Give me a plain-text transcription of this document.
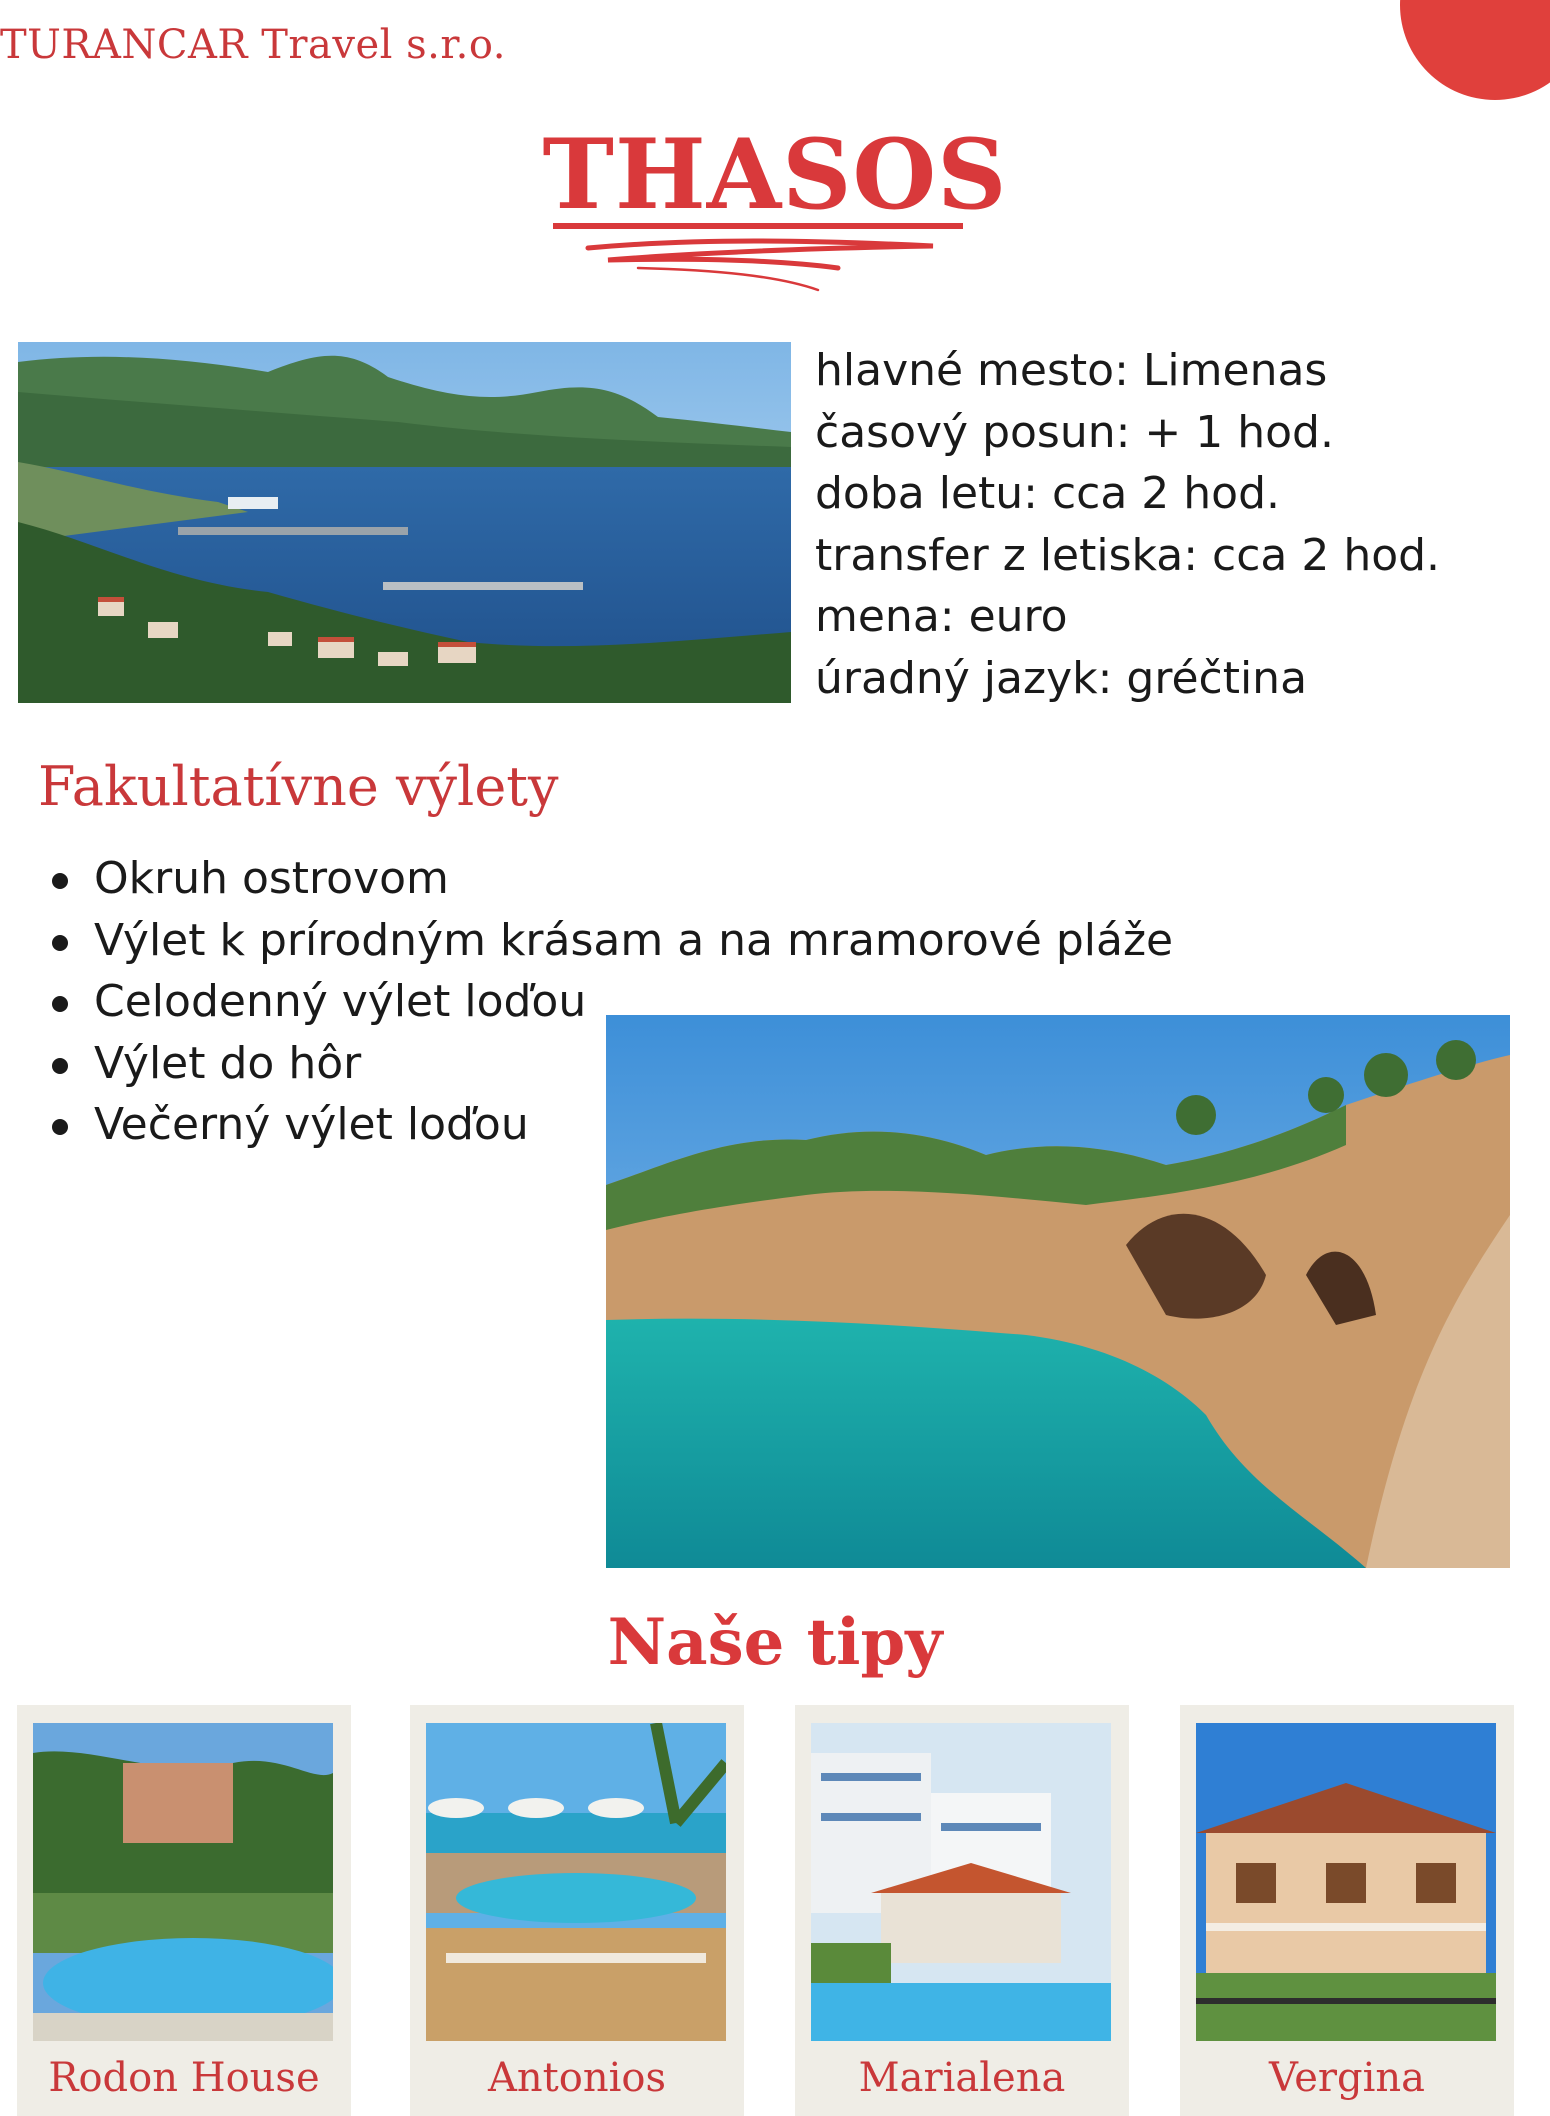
TURANCAR Travel s.r.o.
THASOS
hlavné mesto: Limenas
časový posun: + 1 hod.
doba letu: cca 2 hod.
transfer z letiska: cca 2 hod.
mena: euro
úradný jazyk: gréčtina
Fakultatívne výlety
Okruh ostrovom
Výlet k prírodným krásam a na mramorové pláže
Celodenný výlet loďou
Výlet do hôr
Večerný výlet loďou
Naše tipy
Rodon House	Antonios	Marialena	Vergina
